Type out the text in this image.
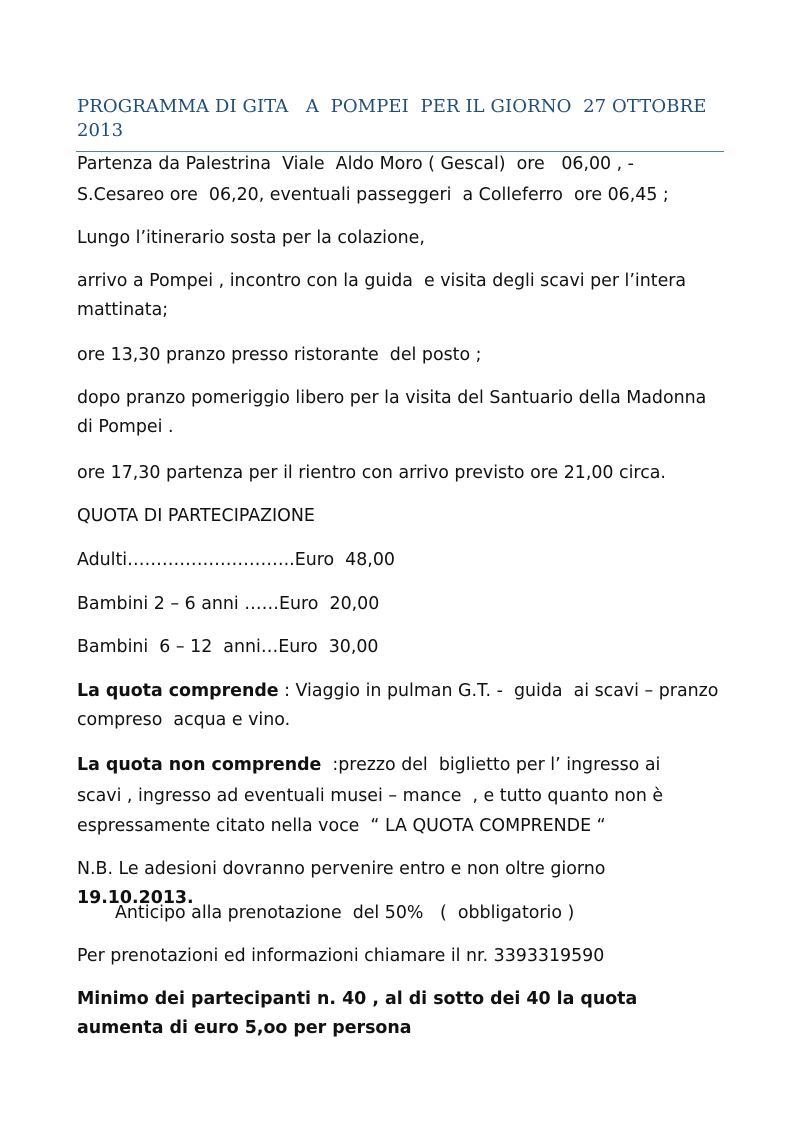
PROGRAMMA DI GITA   A  POMPEI  PER IL GIORNO  27 OTTOBRE 2013
Partenza da Palestrina  Viale  Aldo Moro ( Gescal)  ore   06,00 , -
S.Cesareo ore  06,20, eventuali passeggeri  a Colleferro  ore 06,45 ;
Lungo l’itinerario sosta per la colazione,
arrivo a Pompei , incontro con la guida  e visita degli scavi per l’intera mattinata;
ore 13,30 pranzo presso ristorante  del posto ;
dopo pranzo pomeriggio libero per la visita del Santuario della Madonna di Pompei .
ore 17,30 partenza per il rientro con arrivo previsto ore 21,00 circa.
QUOTA DI PARTECIPAZIONE
Adulti………………………..Euro  48,00
Bambini 2 – 6 anni ……Euro  20,00
Bambini  6 – 12  anni…Euro  30,00
La quota comprende : Viaggio in pulman G.T. -  guida  ai scavi – pranzo compreso  acqua e vino.
La quota non comprende  :prezzo del  biglietto per l’ ingresso ai
scavi , ingresso ad eventuali musei – mance  , e tutto quanto non è
espressamente citato nella voce  “ LA QUOTA COMPRENDE “
N.B. Le adesioni dovranno pervenire entro e non oltre giorno 19.10.2013.
Anticipo alla prenotazione  del 50%   (  obbligatorio )
Per prenotazioni ed informazioni chiamare il nr. 3393319590
Minimo dei partecipanti n. 40 , al di sotto dei 40 la quota aumenta di euro 5,oo per persona
